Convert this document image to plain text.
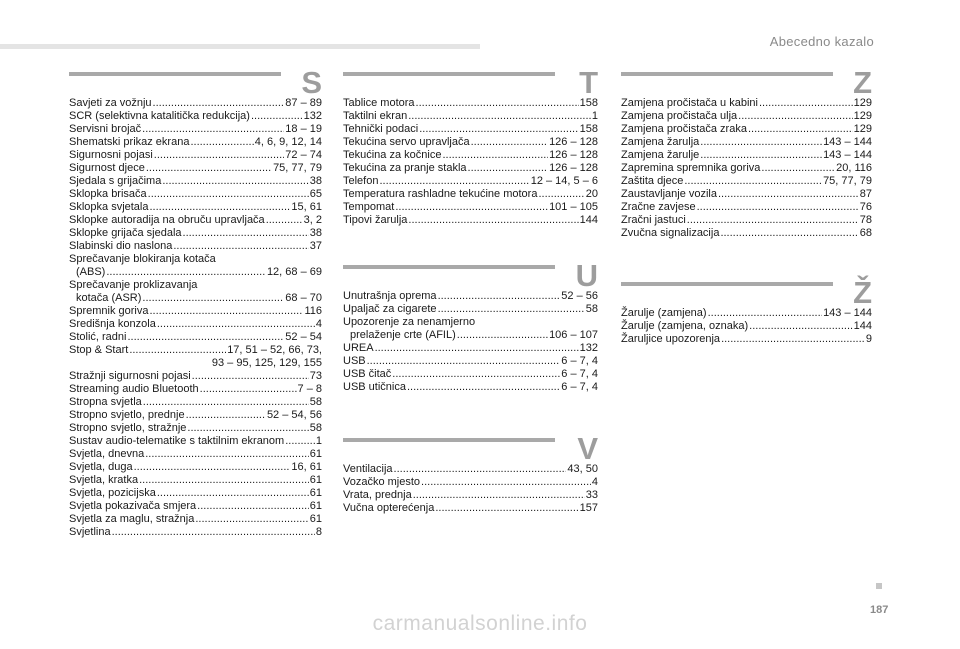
Abecedno kazalo
S
Savjeti za vožnju .....	87 – 89
SCR (selektivna katalitička redukcija) .....	132
Servisni brojač .....	18 – 19
Shematski prikaz ekrana .....	4, 6, 9, 12, 14
Sigurnosni pojasi .....	72 – 74
Sigurnost djece .....	75, 77, 79
Sjedala s grijačima .....	38
Sklopka brisača .....	65
Sklopka svjetala .....	15, 61
Sklopke autoradija na obruču upravljača .....	3, 2
Sklopke grijača sjedala .....	38
Slabinski dio naslona .....	37
Sprečavanje blokiranja kotača
(ABS) .....	12, 68 – 69
Sprečavanje proklizavanja
kotača (ASR) .....	68 – 70
Spremnik goriva .....	116
Središnja konzola .....	4
Stolić, radni .....	52 – 54
Stop & Start .....	17, 51 – 52, 66, 73,
93 – 95, 125, 129, 155
Stražnji sigurnosni pojasi .....	73
Streaming audio Bluetooth .....	7 – 8
Stropna svjetla .....	58
Stropno svjetlo, prednje .....	52 – 54, 56
Stropno svjetlo, stražnje .....	58
Sustav audio-telematike s taktilnim ekranom .....	1
Svjetla, dnevna .....	61
Svjetla, duga .....	16, 61
Svjetla, kratka .....	61
Svjetla, pozicijska .....	61
Svjetla pokazivača smjera .....	61
Svjetla za maglu, stražnja .....	61
Svjetlina .....	8
T
Tablice motora .....	158
Taktilni ekran .....	1
Tehnički podaci .....	158
Tekućina servo upravljača .....	126 – 128
Tekućina za kočnice .....	126 – 128
Tekućina za pranje stakla .....	126 – 128
Telefon .....	12 – 14, 5 – 6
Temperatura rashladne tekućine motora .....	20
Tempomat .....	101 – 105
Tipovi žarulja .....	144
U
Unutrašnja oprema .....	52 – 56
Upaljač za cigarete .....	58
Upozorenje za nenamjerno
prelaženje crte (AFIL) .....	106 – 107
UREA .....	132
USB .....	6 – 7, 4
USB čitač .....	6 – 7, 4
USB utičnica .....	6 – 7, 4
V
Ventilacija .....	43, 50
Vozačko mjesto .....	4
Vrata, prednja .....	33
Vučna opterećenja .....	157
Z
Zamjena pročistača u kabini .....	129
Zamjena pročistača ulja .....	129
Zamjena pročistača zraka .....	129
Zamjena žarulja .....	143 – 144
Zamjena žarulje .....	143 – 144
Zapremina spremnika goriva .....	20, 116
Zaštita djece .....	75, 77, 79
Zaustavljanje vozila .....	87
Zračne zavjese .....	76
Zračni jastuci .....	78
Zvučna signalizacija .....	68
Ž
Žarulje (zamjena) .....	143 – 144
Žarulje (zamjena, oznaka) .....	144
Žaruljice upozorenja .....	9
187
carmanualsonline.info
